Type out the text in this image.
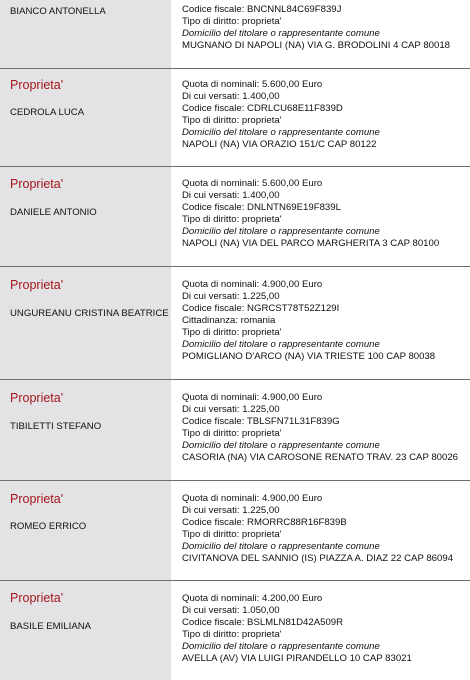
BIANCO ANTONELLA	Codice fiscale: BNCNNL84C69F839J
Tipo di diritto: proprieta'
Domicilio del titolare o rappresentante comune
MUGNANO DI NAPOLI (NA) VIA G. BRODOLINI 4 CAP 80018
Proprieta'
CEDROLA LUCA
Quota di nominali: 5.600,00 Euro
Di cui versati: 1.400,00
Codice fiscale: CDRLCU68E11F839D
Tipo di diritto: proprieta'
Domicilio del titolare o rappresentante comune
NAPOLI (NA) VIA ORAZIO 151/C CAP 80122
Proprieta'
DANIELE ANTONIO
Quota di nominali: 5.600,00 Euro
Di cui versati: 1.400,00
Codice fiscale: DNLNTN69E19F839L
Tipo di diritto: proprieta'
Domicilio del titolare o rappresentante comune
NAPOLI (NA) VIA DEL PARCO MARGHERITA 3 CAP 80100
Proprieta'
UNGUREANU CRISTINA BEATRICE
Quota di nominali: 4.900,00 Euro
Di cui versati: 1.225,00
Codice fiscale: NGRCST78T52Z129I
Cittadinanza: romania
Tipo di diritto: proprieta'
Domicilio del titolare o rappresentante comune
POMIGLIANO D'ARCO (NA) VIA TRIESTE 100 CAP 80038
Proprieta'
TIBILETTI STEFANO
Quota di nominali: 4.900,00 Euro
Di cui versati: 1.225,00
Codice fiscale: TBLSFN71L31F839G
Tipo di diritto: proprieta'
Domicilio del titolare o rappresentante comune
CASORIA (NA) VIA CAROSONE RENATO TRAV. 23 CAP 80026
Proprieta'
ROMEO ERRICO
Quota di nominali: 4.900,00 Euro
Di cui versati: 1.225,00
Codice fiscale: RMORRC88R16F839B
Tipo di diritto: proprieta'
Domicilio del titolare o rappresentante comune
CIVITANOVA DEL SANNIO (IS) PIAZZA A. DIAZ 22 CAP 86094
Proprieta'
BASILE EMILIANA
Quota di nominali: 4.200,00 Euro
Di cui versati: 1.050,00
Codice fiscale: BSLMLN81D42A509R
Tipo di diritto: proprieta'
Domicilio del titolare o rappresentante comune
AVELLA (AV) VIA LUIGI PIRANDELLO 10 CAP 83021
